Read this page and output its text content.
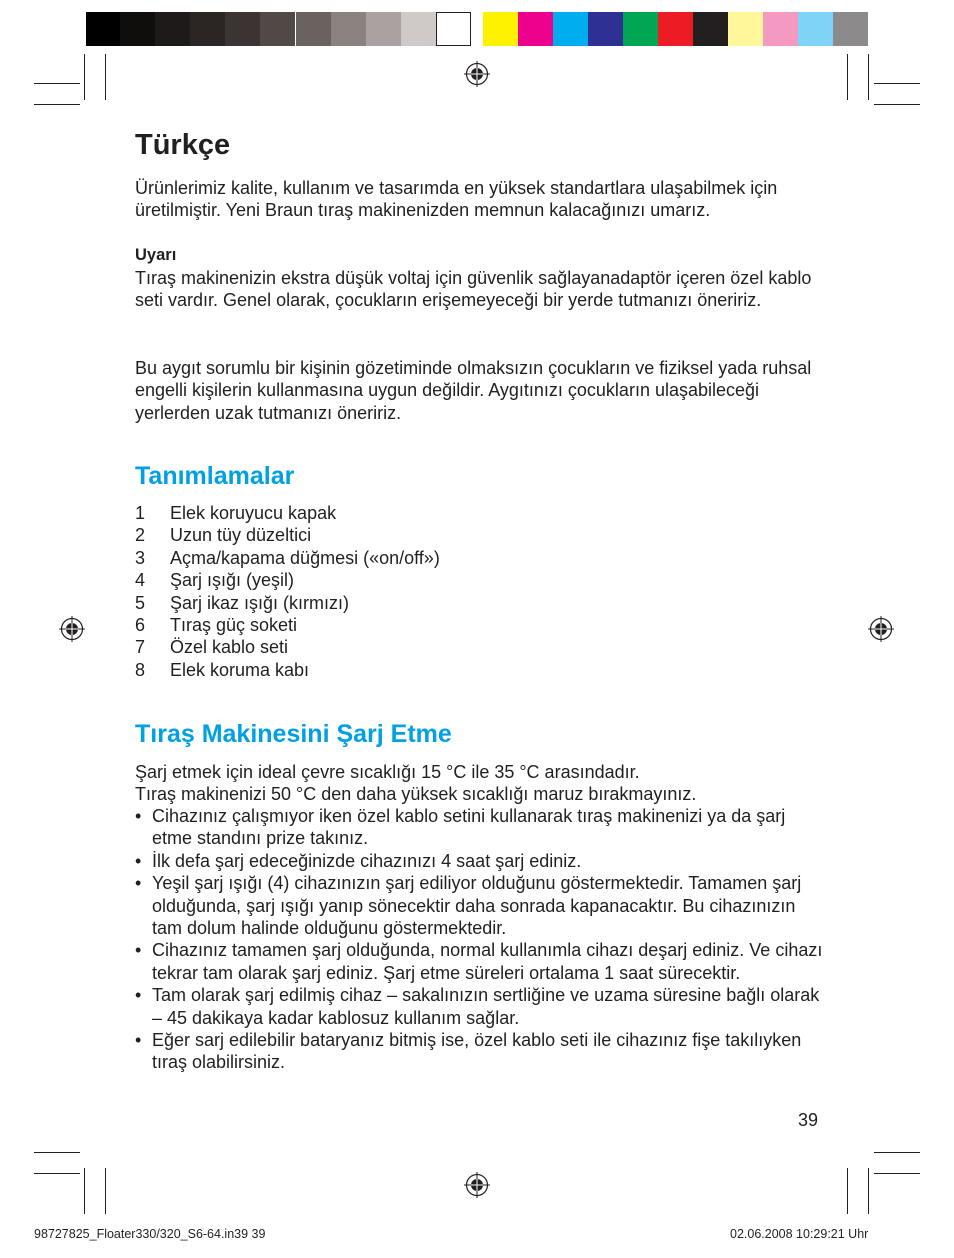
Türkçe

Ürünlerimiz kalite, kullanım ve tasarımda en yüksek standartlara ulaşabilmek için üretilmiştir. Yeni Braun tıraş makinenizden memnun kalacağınızı umarız.

Uyarı

Tıraş makinenizin ekstra düşük voltaj için güvenlik sağlayanadaptör içeren özel kablo seti vardır. Genel olarak, çocukların erişemeyeceği bir yerde tutmanızı öneririz.

Bu aygıt sorumlu bir kişinin gözetiminde olmaksızın çocukların ve fiziksel yada ruhsal engelli kişilerin kullanmasına uygun değildir. Aygıtınızı çocukların ulaşabileceği yerlerden uzak tutmanızı öneririz.

Tanımlamalar
1	Elek koruyucu kapak
2	Uzun tüy düzeltici
3	Açma/kapama düğmesi («on/off»)
4	Şarj ışığı (yeşil)
5	Şarj ikaz ışığı (kırmızı)
6	Tıraş güç soketi
7	Özel kablo seti
8	Elek koruma kabı
Tıraş Makinesini Şarj Etme

Şarj etmek için ideal çevre sıcaklığı 15 °C ile 35 °C arasındadır.

Tıraş makinenizi 50 °C den daha yüksek sıcaklığı maruz bırakmayınız.

• Cihazınız çalışmıyor iken özel kablo setini kullanarak tıraş makinenizi ya da şarj etme standını prize takınız.
• İlk defa şarj edeceğinizde cihazınızı 4 saat şarj ediniz.
• Yeşil şarj ışığı (4) cihazınızın şarj ediliyor olduğunu göstermektedir. Tamamen şarj olduğunda, şarj ışığı yanıp sönecektir daha sonrada kapanacaktır. Bu cihazınızın tam dolum halinde olduğunu göstermektedir.
• Cihazınız tamamen şarj olduğunda, normal kullanımla cihazı deşarj ediniz. Ve cihazı tekrar tam olarak şarj ediniz. Şarj etme süreleri ortalama 1 saat sürecektir.
• Tam olarak şarj edilmiş cihaz – sakalınızın sertliğine ve uzama süresine bağlı olarak – 45 dakikaya kadar kablosuz kullanım sağlar.
• Eğer sarj edilebilir bataryanız bitmiş ise, özel kablo seti ile cihazınız fişe takılıyken tıraş olabilirsiniz.
39
98727825_Floater330/320_S6-64.in39 39	02.06.2008 10:29:21 Uhr
